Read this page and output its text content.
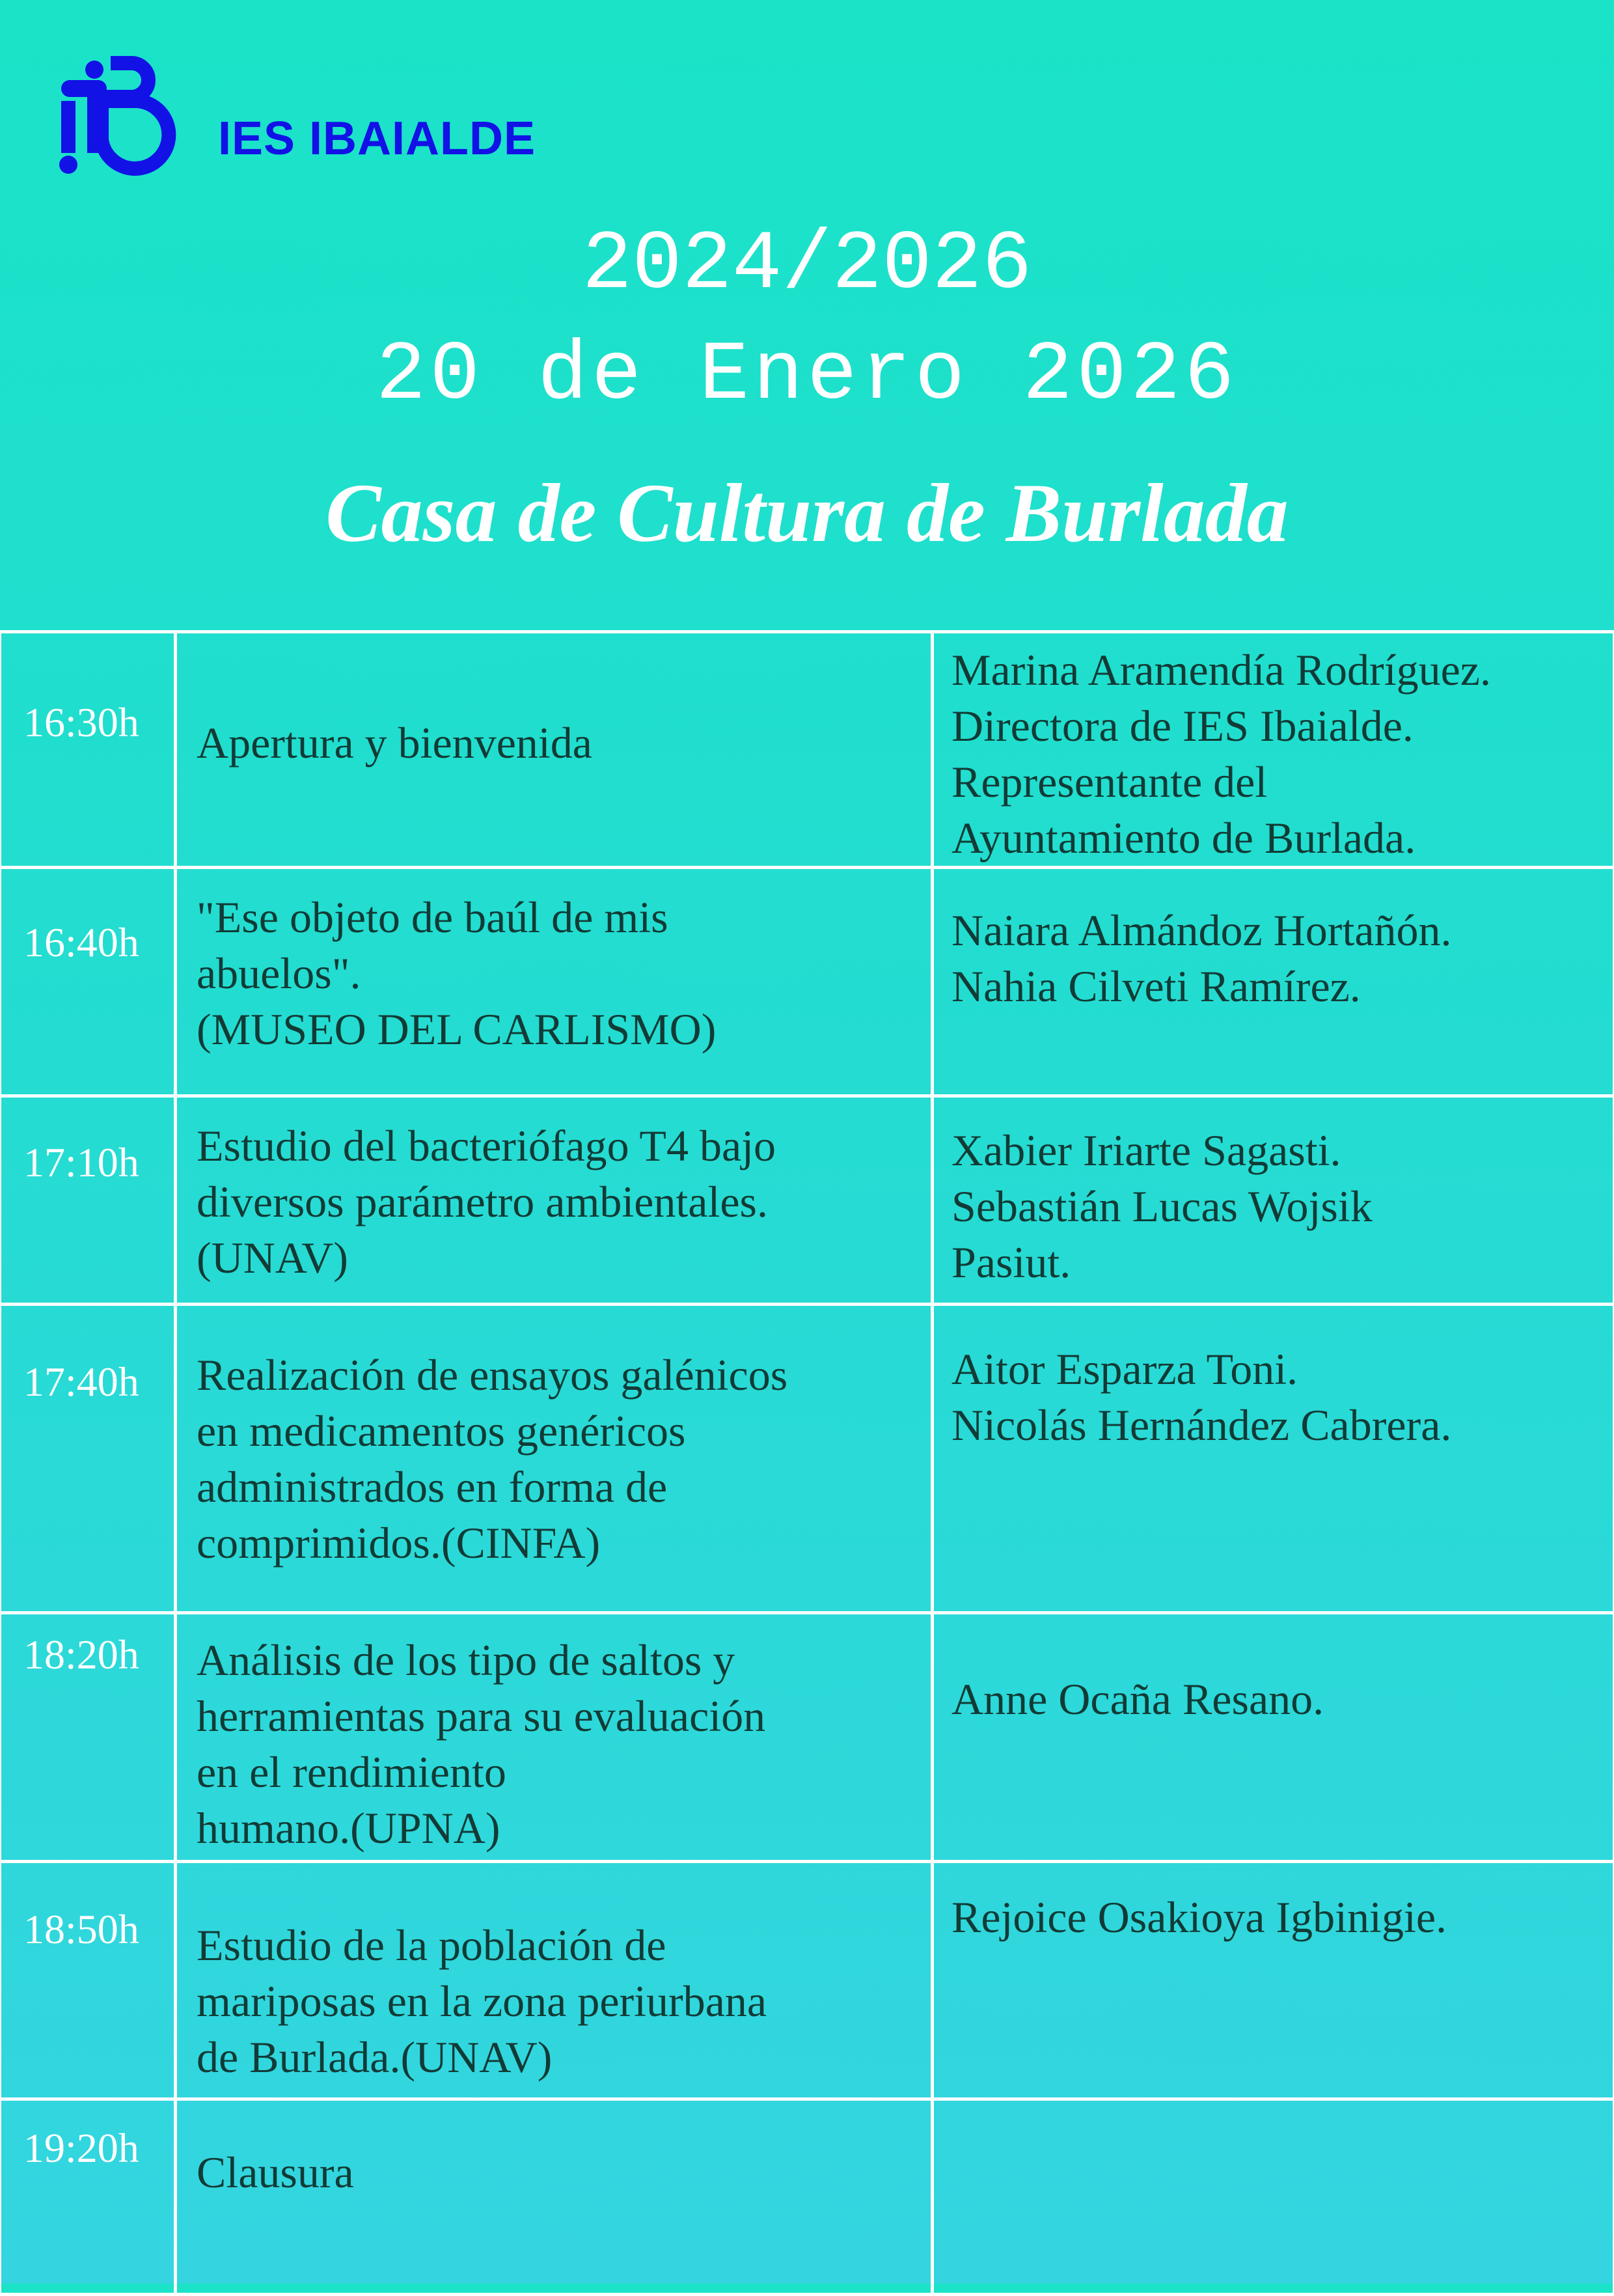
IES IBAIALDE
2024/2026
20 de Enero 2026
Casa de Cultura de Burlada
16:30h	Apertura y bienvenida	Marina Aramendía Rodríguez.
Directora de IES Ibaialde.
Representante del
Ayuntamiento de Burlada.
16:40h	"Ese objeto de baúl de mis
abuelos".
(MUSEO DEL CARLISMO)	Naiara Almándoz Hortañón.
Nahia Cilveti Ramírez.
17:10h	Estudio del bacteriófago T4 bajo
diversos parámetro ambientales.
(UNAV)	Xabier Iriarte Sagasti.
Sebastián Lucas Wojsik
Pasiut.
17:40h	Realización de ensayos galénicos
en medicamentos genéricos
administrados en forma de
comprimidos.(CINFA)	Aitor Esparza Toni.
Nicolás Hernández Cabrera.
18:20h	Análisis de los tipo de saltos y
herramientas para su evaluación
en el rendimiento
humano.(UPNA)	Anne Ocaña Resano.
18:50h	Estudio de la población de
mariposas en la zona periurbana
de Burlada.(UNAV)	Rejoice Osakioya Igbinigie.
19:20h	Clausura	
